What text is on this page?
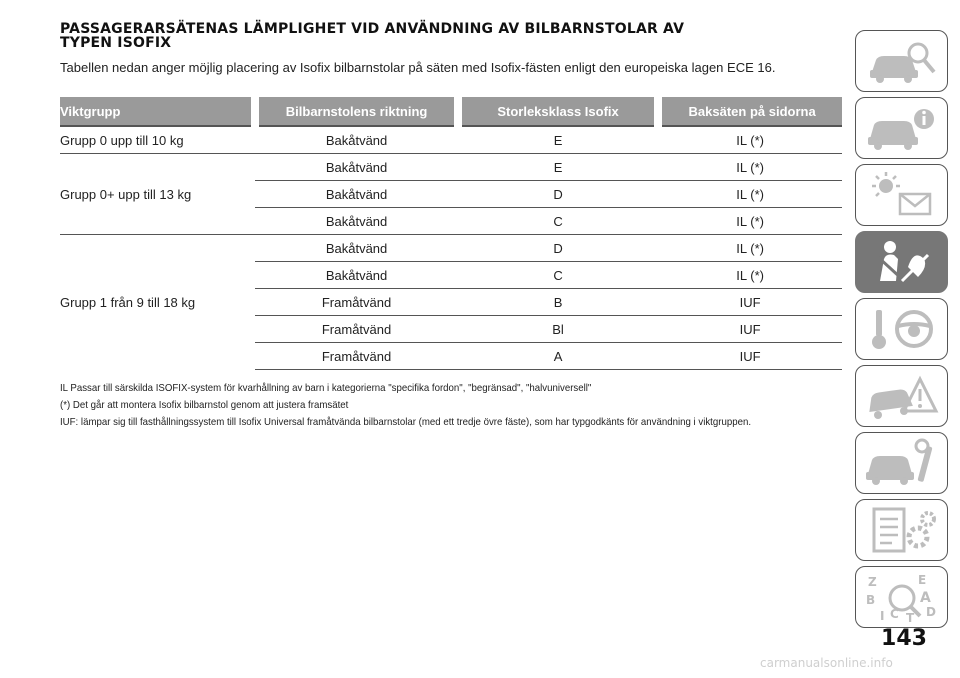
PASSAGERARSÄTENAS LÄMPLIGHET VID ANVÄNDNING AV BILBARNSTOLAR AV
TYPEN ISOFIX

Tabellen nedan anger möjlig placering av Isofix bilbarnstolar på säten med Isofix-fästen enligt den europeiska lagen ECE 16.

Viktgrupp	Bilbarnstolens riktning	Storleksklass Isofix	Baksäten på sidorna
Grupp 0 upp till 10 kg	Bakåtvänd	E	IL (*)
Grupp 0+ upp till 13 kg	Bakåtvänd	E	IL (*)
	Bakåtvänd	D	IL (*)
	Bakåtvänd	C	IL (*)
Grupp 1 från 9 till 18 kg	Bakåtvänd	D	IL (*)
	Bakåtvänd	C	IL (*)
	Framåtvänd	B	IUF
	Framåtvänd	Bl	IUF
	Framåtvänd	A	IUF

IL Passar till särskilda ISOFIX-system för kvarhållning av barn i kategorierna "specifika fordon", "begränsad", "halvuniversell"

(*) Det går att montera Isofix bilbarnstol genom att justera framsätet

IUF: lämpar sig till fasthållningssystem till Isofix Universal framåtvända bilbarnstolar (med ett tredje övre fäste), som har typgodkänts för användning i viktgruppen.

Z	E
A
B
D
I C T
143
carmanualsonline.info
